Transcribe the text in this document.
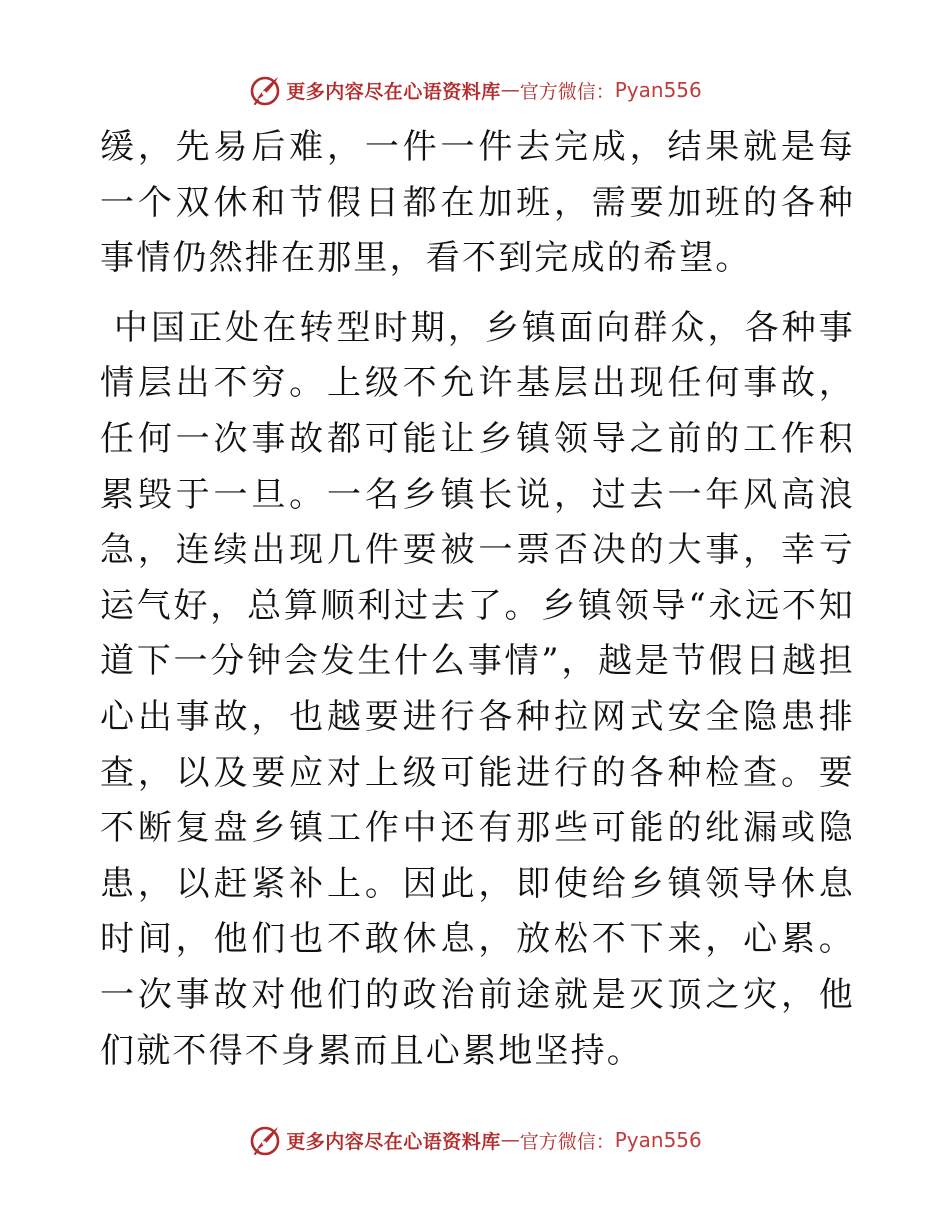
更多内容尽在心语资料库 — 官方微信： Pyan556

缓，先易后难，一件一件去完成，结果就是每一个双休和节假日都在加班，需要加班的各种事情仍然排在那里，看不到完成的希望。

中国正处在转型时期，乡镇面向群众，各种事情层出不穷。上级不允许基层出现任何事故，任何一次事故都可能让乡镇领导之前的工作积累毁于一旦。一名乡镇长说，过去一年风高浪急，连续出现几件要被一票否决的大事，幸亏运气好，总算顺利过去了。乡镇领导“永远不知道下一分钟会发生什么事情”，越是节假日越担心出事故，也越要进行各种拉网式安全隐患排查，以及要应对上级可能进行的各种检查。要不断复盘乡镇工作中还有那些可能的纰漏或隐患，以赶紧补上。因此，即使给乡镇领导休息时间，他们也不敢休息，放松不下来，心累。一次事故对他们的政治前途就是灭顶之灾，他们就不得不身累而且心累地坚持。

更多内容尽在心语资料库 — 官方微信： Pyan556
